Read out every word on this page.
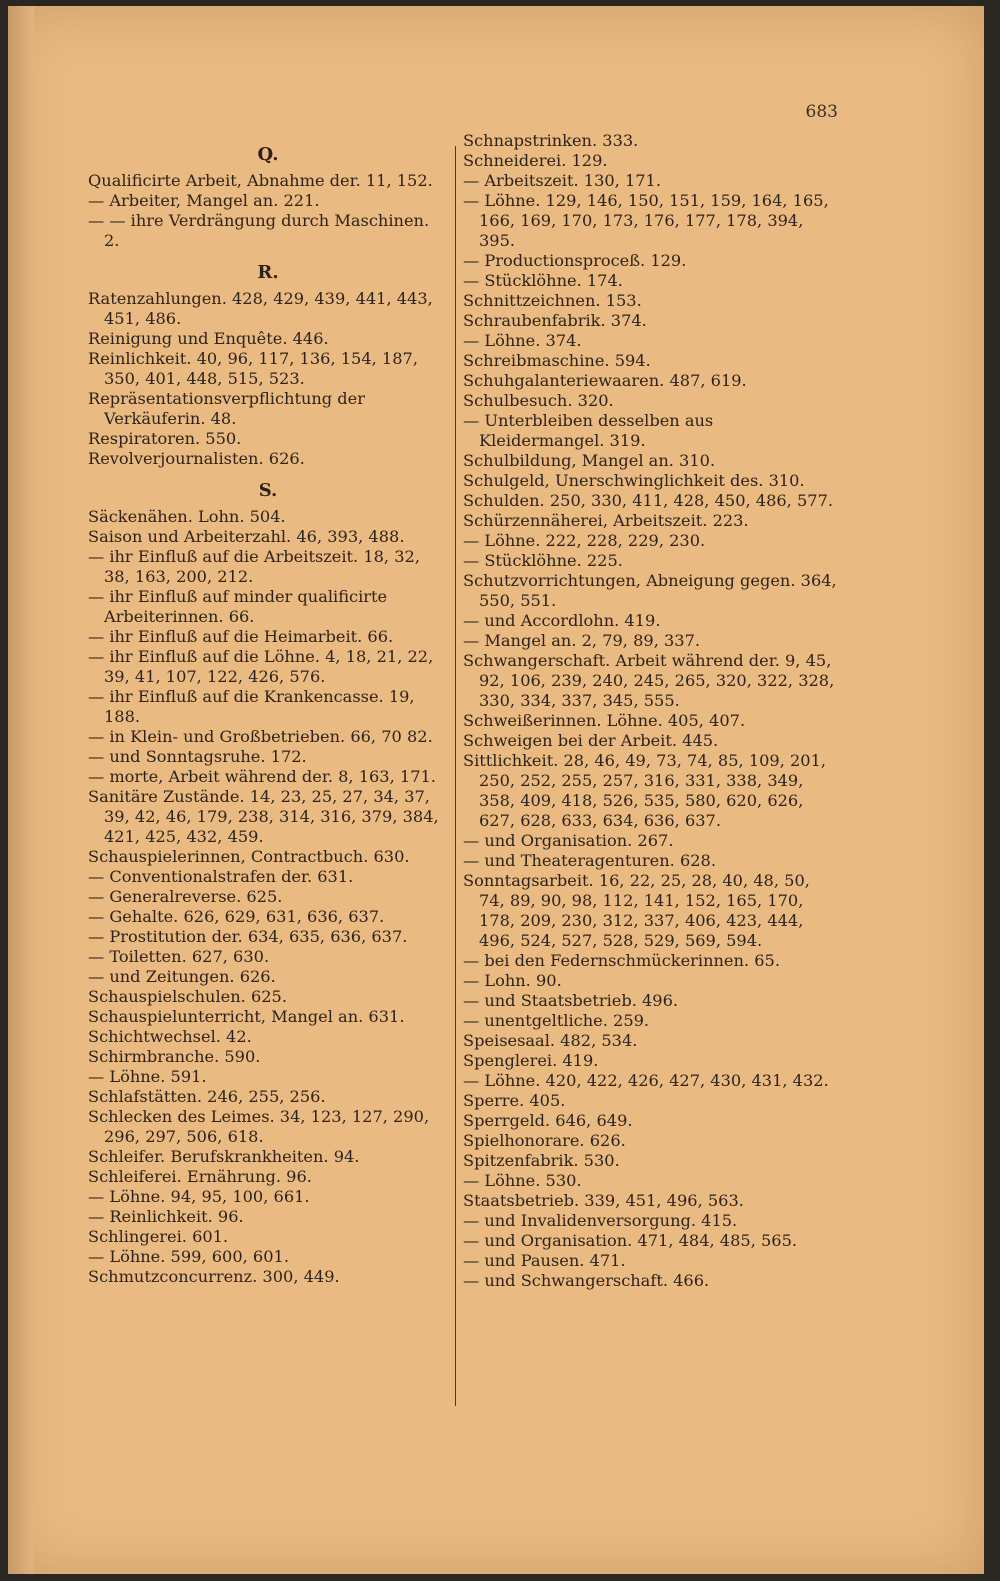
683
Q.
Qualificirte Arbeit, Abnahme der. 11, 152.
— Arbeiter, Mangel an. 221.
— — ihre Verdrängung durch Maschinen. 2.
R.
Ratenzahlungen. 428, 429, 439, 441, 443, 451, 486.
Reinigung und Enquête. 446.
Reinlichkeit. 40, 96, 117, 136, 154, 187, 350, 401, 448, 515, 523.
Repräsentationsverpflichtung der Verkäuferin. 48.
Respiratoren. 550.
Revolverjournalisten. 626.
S.
Säckenähen. Lohn. 504.
Saison und Arbeiterzahl. 46, 393, 488.
— ihr Einfluß auf die Arbeitszeit. 18, 32, 38, 163, 200, 212.
— ihr Einfluß auf minder qualificirte Arbeiterinnen. 66.
— ihr Einfluß auf die Heimarbeit. 66.
— ihr Einfluß auf die Löhne. 4, 18, 21, 22, 39, 41, 107, 122, 426, 576.
— ihr Einfluß auf die Krankencasse. 19, 188.
— in Klein- und Großbetrieben. 66, 70 82.
— und Sonntagsruhe. 172.
— morte, Arbeit während der. 8, 163, 171.
Sanitäre Zustände. 14, 23, 25, 27, 34, 37, 39, 42, 46, 179, 238, 314, 316, 379, 384, 421, 425, 432, 459.
Schauspielerinnen, Contractbuch. 630.
— Conventionalstrafen der. 631.
— Generalreverse. 625.
— Gehalte. 626, 629, 631, 636, 637.
— Prostitution der. 634, 635, 636, 637.
— Toiletten. 627, 630.
— und Zeitungen. 626.
Schauspielschulen. 625.
Schauspielunterricht, Mangel an. 631.
Schichtwechsel. 42.
Schirmbranche. 590.
— Löhne. 591.
Schlafstätten. 246, 255, 256.
Schlecken des Leimes. 34, 123, 127, 290, 296, 297, 506, 618.
Schleifer. Berufskrankheiten. 94.
Schleiferei. Ernährung. 96.
— Löhne. 94, 95, 100, 661.
— Reinlichkeit. 96.
Schlingerei. 601.
— Löhne. 599, 600, 601.
Schmutzconcurrenz. 300, 449.
Schnapstrinken. 333.
Schneiderei. 129.
— Arbeitszeit. 130, 171.
— Löhne. 129, 146, 150, 151, 159, 164, 165, 166, 169, 170, 173, 176, 177, 178, 394, 395.
— Productionsproceß. 129.
— Stücklöhne. 174.
Schnittzeichnen. 153.
Schraubenfabrik. 374.
— Löhne. 374.
Schreibmaschine. 594.
Schuhgalanteriewaaren. 487, 619.
Schulbesuch. 320.
— Unterbleiben desselben aus Kleidermangel. 319.
Schulbildung, Mangel an. 310.
Schulgeld, Unerschwinglichkeit des. 310.
Schulden. 250, 330, 411, 428, 450, 486, 577.
Schürzennäherei, Arbeitszeit. 223.
— Löhne. 222, 228, 229, 230.
— Stücklöhne. 225.
Schutzvorrichtungen, Abneigung gegen. 364, 550, 551.
— und Accordlohn. 419.
— Mangel an. 2, 79, 89, 337.
Schwangerschaft. Arbeit während der. 9, 45, 92, 106, 239, 240, 245, 265, 320, 322, 328, 330, 334, 337, 345, 555.
Schweißerinnen. Löhne. 405, 407.
Schweigen bei der Arbeit. 445.
Sittlichkeit. 28, 46, 49, 73, 74, 85, 109, 201, 250, 252, 255, 257, 316, 331, 338, 349, 358, 409, 418, 526, 535, 580, 620, 626, 627, 628, 633, 634, 636, 637.
— und Organisation. 267.
— und Theateragenturen. 628.
Sonntagsarbeit. 16, 22, 25, 28, 40, 48, 50, 74, 89, 90, 98, 112, 141, 152, 165, 170, 178, 209, 230, 312, 337, 406, 423, 444, 496, 524, 527, 528, 529, 569, 594.
— bei den Federnschmückerinnen. 65.
— Lohn. 90.
— und Staatsbetrieb. 496.
— unentgeltliche. 259.
Speisesaal. 482, 534.
Spenglerei. 419.
— Löhne. 420, 422, 426, 427, 430, 431, 432.
Sperre. 405.
Sperrgeld. 646, 649.
Spielhonorare. 626.
Spitzenfabrik. 530.
— Löhne. 530.
Staatsbetrieb. 339, 451, 496, 563.
— und Invalidenversorgung. 415.
— und Organisation. 471, 484, 485, 565.
— und Pausen. 471.
— und Schwangerschaft. 466.
